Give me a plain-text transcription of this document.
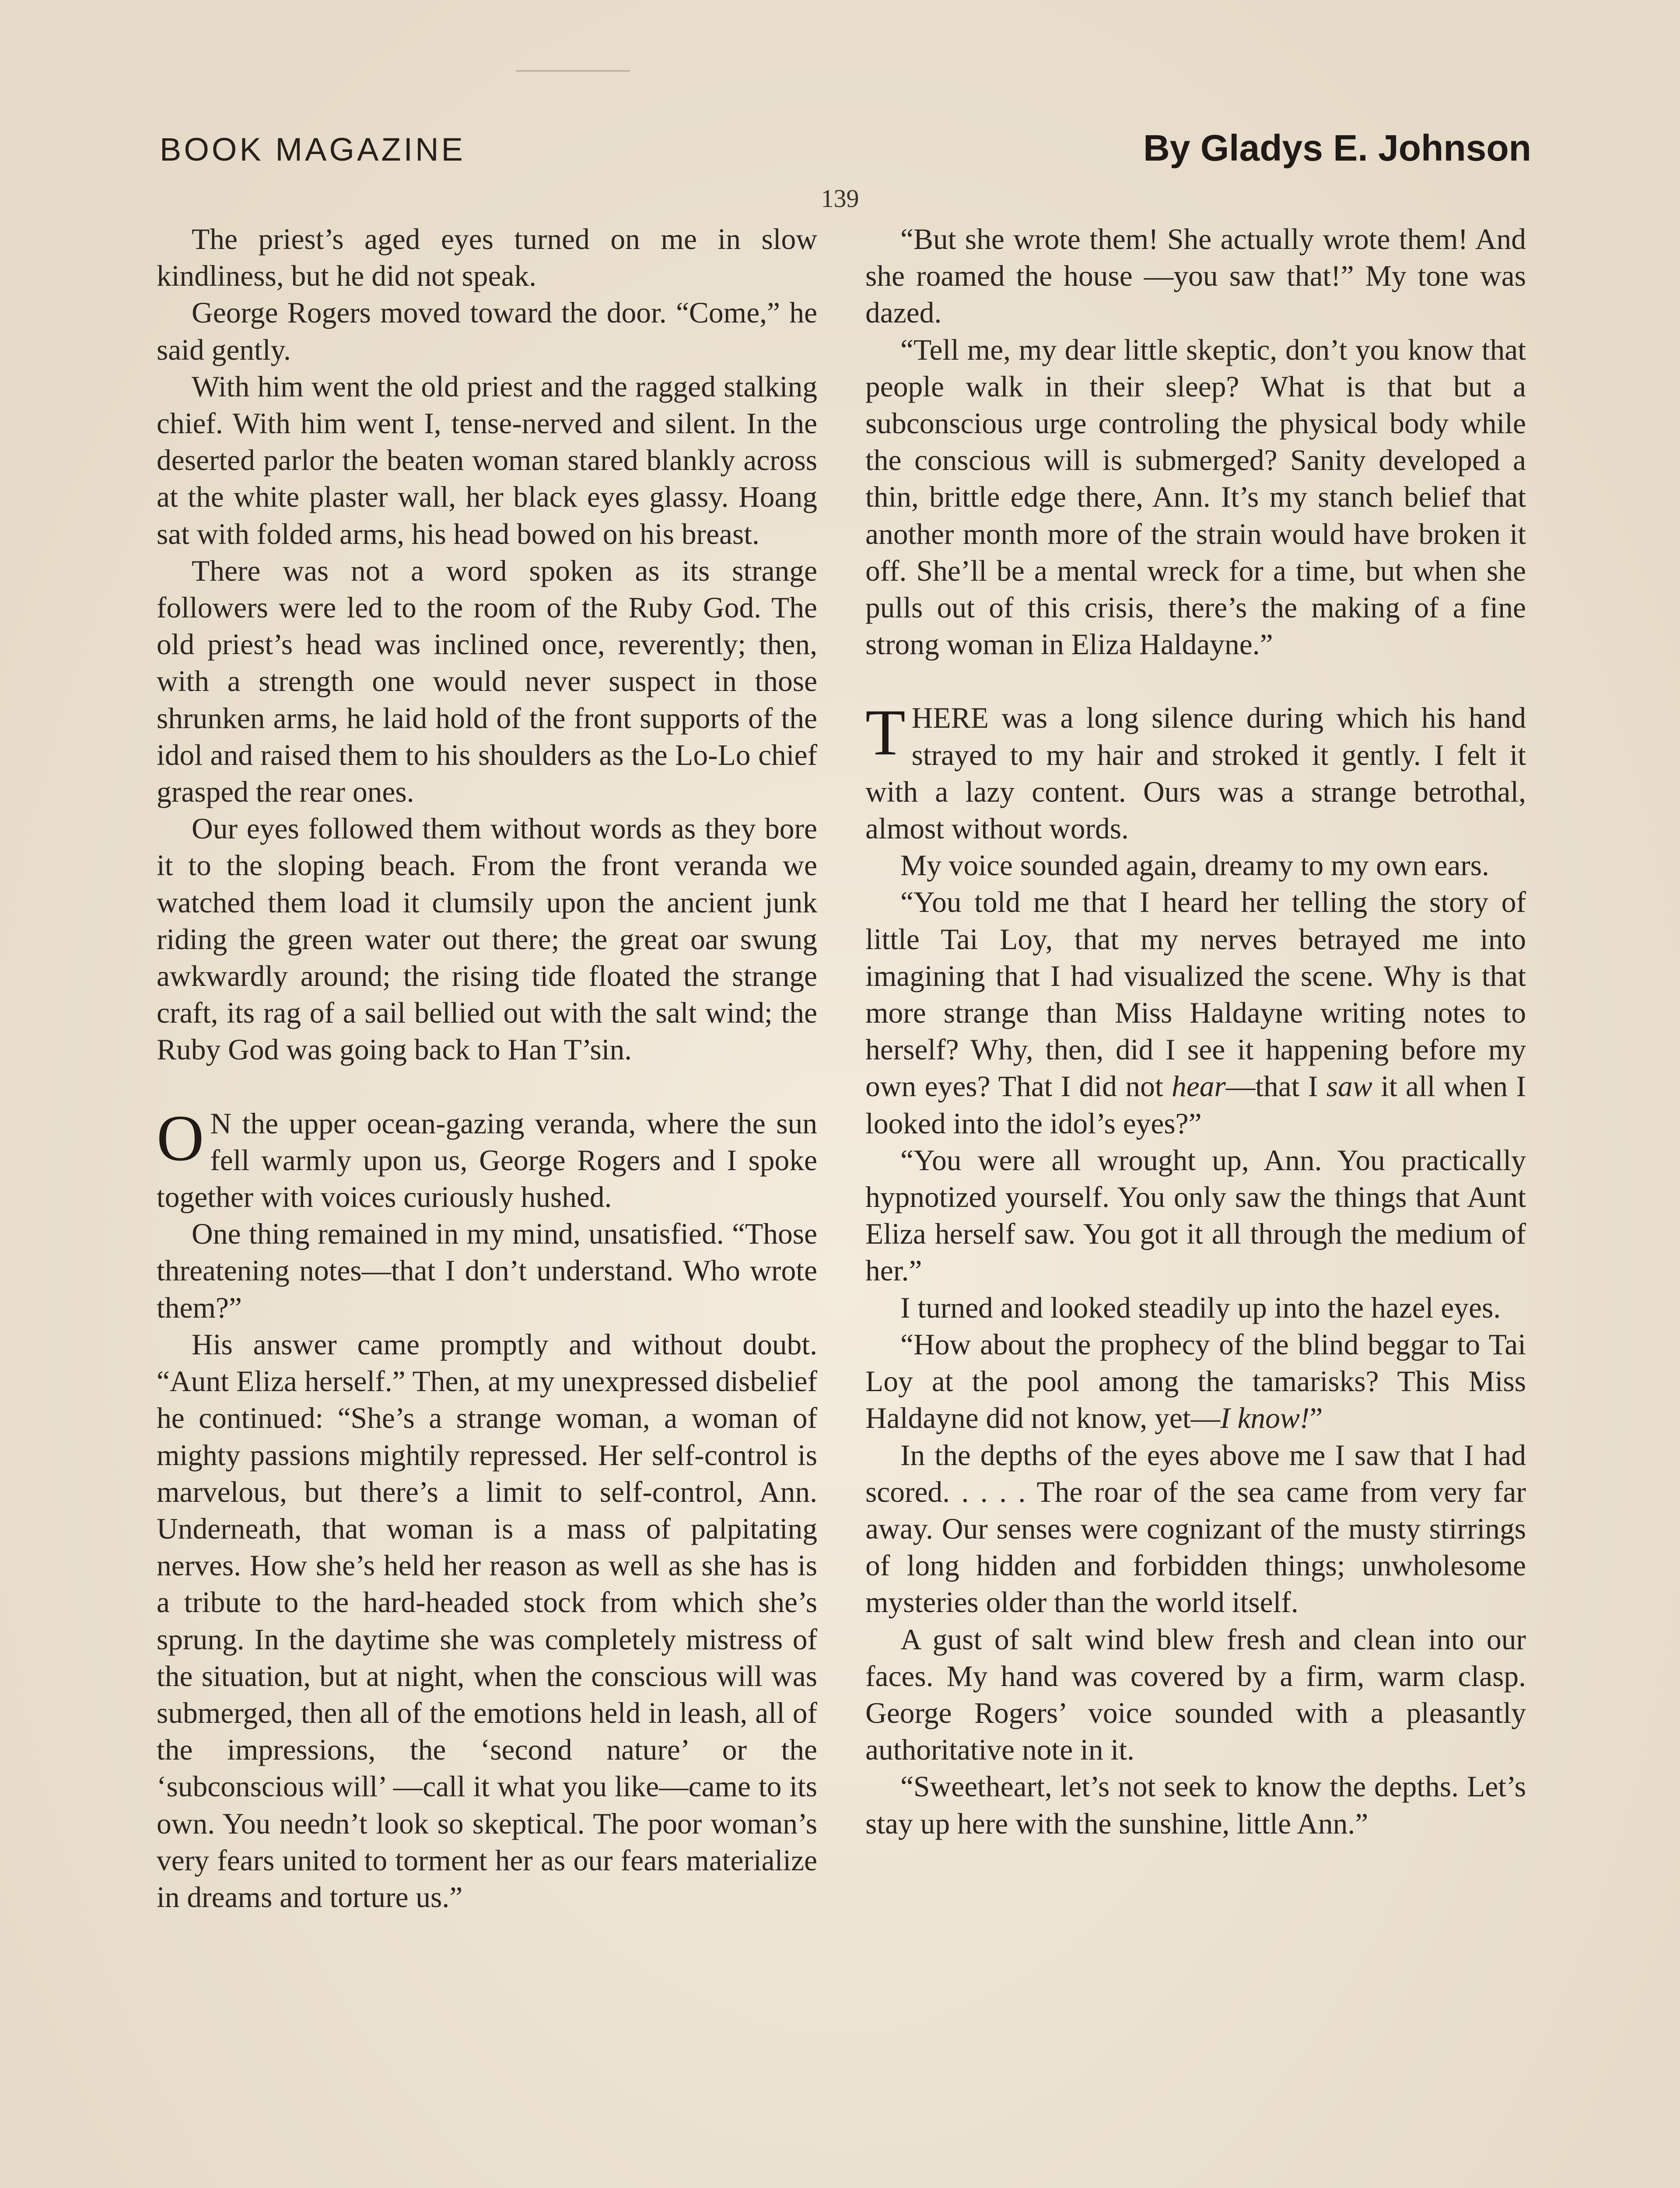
BOOK MAGAZINE	By Gladys E. Johnson
139

The priest’s aged eyes turned on me in slow kindliness, but he did not speak.

George Rogers moved toward the door. “Come,” he said gently.

With him went the old priest and the ragged stalking chief. With him went I, tense-nerved and silent. In the deserted parlor the beaten woman stared blankly across at the white plaster wall, her black eyes glassy. Hoang sat with folded arms, his head bowed on his breast.

There was not a word spoken as its strange followers were led to the room of the Ruby God. The old priest’s head was inclined once, reverently; then, with a strength one would never suspect in those shrunken arms, he laid hold of the front supports of the idol and raised them to his shoulders as the Lo-Lo chief grasped the rear ones.

Our eyes followed them without words as they bore it to the sloping beach. From the front veranda we watched them load it clumsily upon the ancient junk riding the green water out there; the great oar swung awkwardly around; the rising tide floated the strange craft, its rag of a sail bellied out with the salt wind; the Ruby God was going back to Han T’sin.

O N the upper ocean-gazing veranda, where the sun fell warmly upon us, George Rogers and I spoke together with voices curiously hushed.

One thing remained in my mind, unsatisfied. “Those threatening notes—that I don’t understand. Who wrote them?”

His answer came promptly and without doubt. “Aunt Eliza herself.” Then, at my unexpressed disbelief he continued: “She’s a strange woman, a woman of mighty passions mightily repressed. Her self-control is marvelous, but there’s a limit to self-control, Ann. Underneath, that woman is a mass of palpitating nerves. How she’s held her reason as well as she has is a tribute to the hard-headed stock from which she’s sprung. In the daytime she was completely mistress of the situation, but at night, when the conscious will was submerged, then all of the emotions held in leash, all of the impressions, the ‘second nature’ or the ‘subconscious will’ —call it what you like—came to its own. You needn’t look so skeptical. The poor woman’s very fears united to torment her as our fears materialize in dreams and torture us.”

“But she wrote them! She actually wrote them! And she roamed the house —you saw that!” My tone was dazed.

“Tell me, my dear little skeptic, don’t you know that people walk in their sleep? What is that but a subconscious urge controling the physical body while the conscious will is submerged? Sanity developed a thin, brittle edge there, Ann. It’s my stanch belief that another month more of the strain would have broken it off. She’ll be a mental wreck for a time, but when she pulls out of this crisis, there’s the making of a fine strong woman in Eliza Haldayne.”

THERE was a long silence during which his hand strayed to my hair and stroked it gently. I felt it with a lazy content. Ours was a strange betrothal, almost without words.

My voice sounded again, dreamy to my own ears.

“You told me that I heard her telling the story of little Tai Loy, that my nerves betrayed me into imagining that I had visualized the scene. Why is that more strange than Miss Haldayne writing notes to herself? Why, then, did I see it happening before my own eyes? That I did not hear—that I saw it all when I looked into the idol’s eyes?”

“You were all wrought up, Ann. You practically hypnotized yourself. You only saw the things that Aunt Eliza herself saw. You got it all through the medium of her.”

I turned and looked steadily up into the hazel eyes.

“How about the prophecy of the blind beggar to Tai Loy at the pool among the tamarisks? This Miss Haldayne did not know, yet—I know!”

In the depths of the eyes above me I saw that I had scored. . . . . The roar of the sea came from very far away. Our senses were cognizant of the musty stirrings of long hidden and forbidden things; unwholesome mysteries older than the world itself.

A gust of salt wind blew fresh and clean into our faces. My hand was covered by a firm, warm clasp. George Rogers’ voice sounded with a pleasantly authoritative note in it.

“Sweetheart, let’s not seek to know the depths. Let’s stay up here with the sunshine, little Ann.”
